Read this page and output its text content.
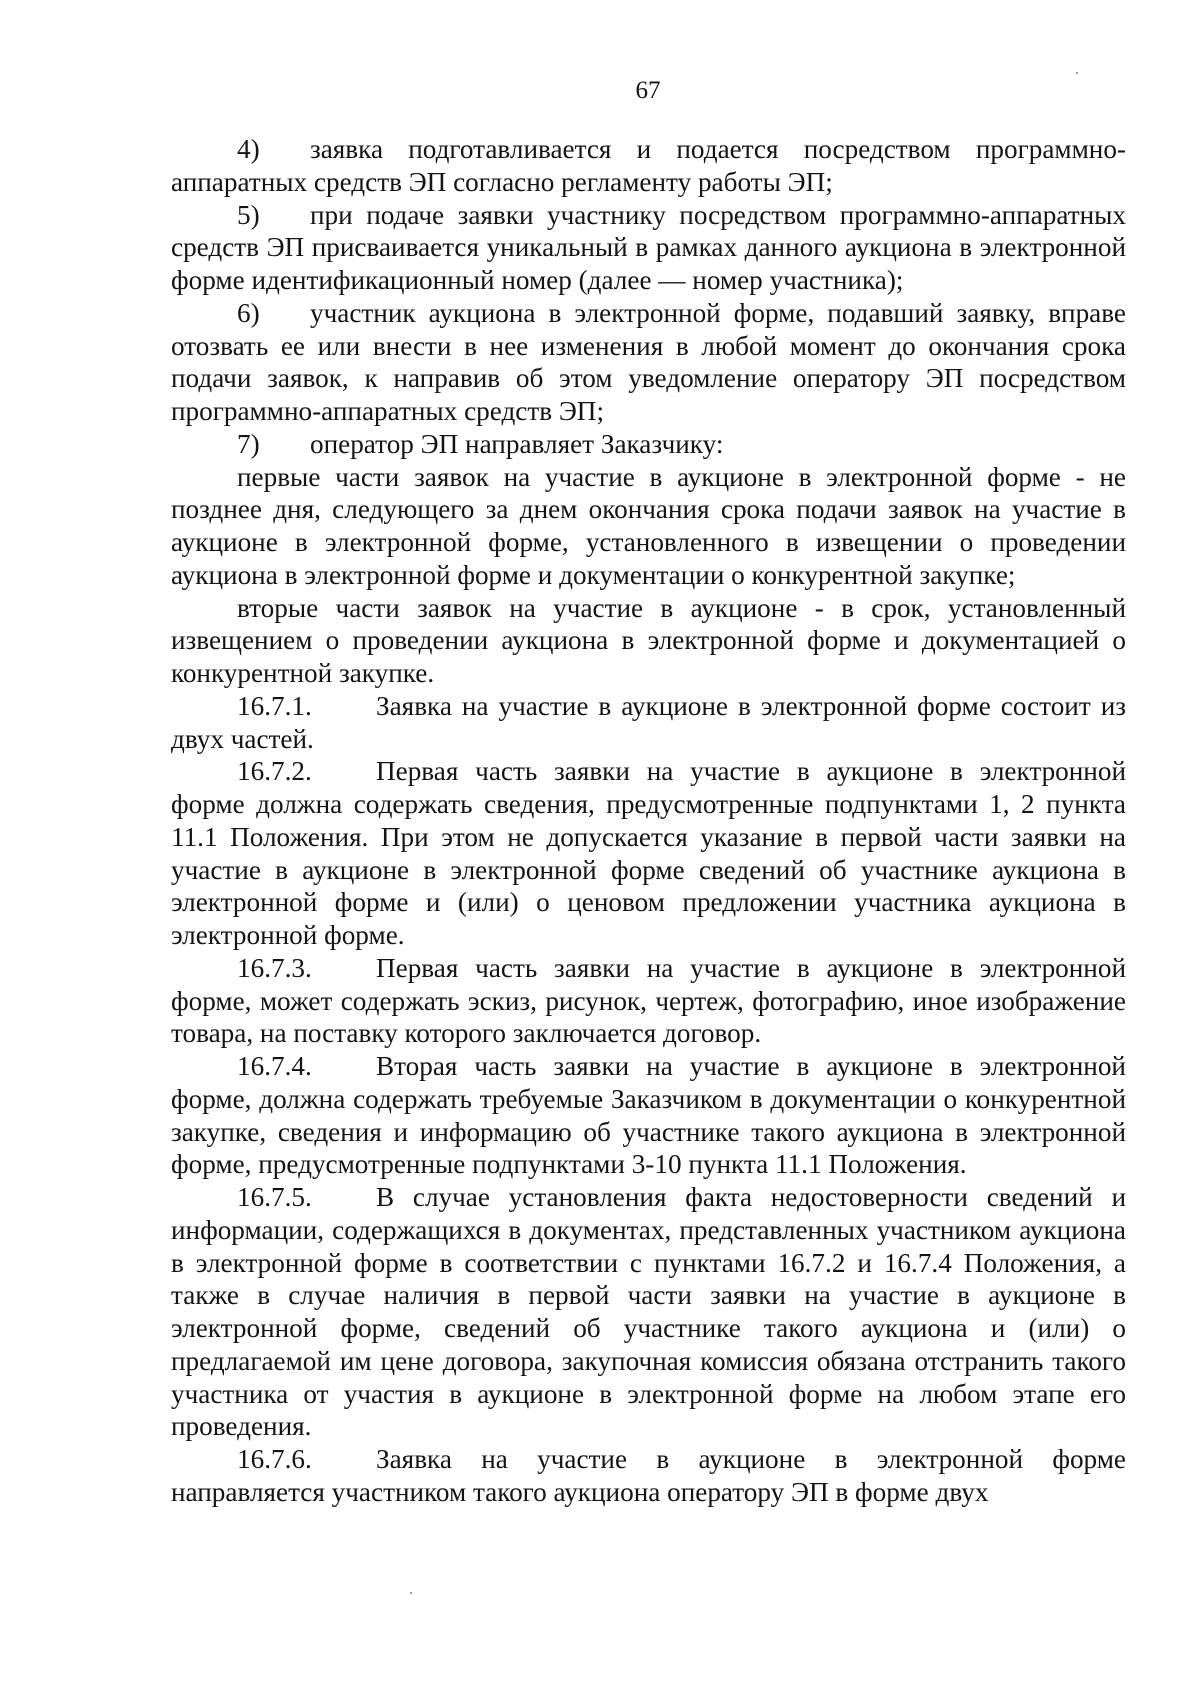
67

4) заявка подготавливается и подается посредством программно-аппаратных средств ЭП согласно регламенту работы ЭП;

5) при подаче заявки участнику посредством программно-аппаратных средств ЭП присваивается уникальный в рамках данного аукциона в электронной форме идентификационный номер (далее — номер участника);

6) участник аукциона в электронной форме, подавший заявку, вправе отозвать ее или внести в нее изменения в любой момент до окончания срока подачи заявок, к направив об этом уведомление оператору ЭП посредством программно-аппаратных средств ЭП;

7) оператор ЭП направляет Заказчику:

первые части заявок на участие в аукционе в электронной форме - не позднее дня, следующего за днем окончания срока подачи заявок на участие в аукционе в электронной форме, установленного в извещении о проведении аукциона в электронной форме и документации о конкурентной закупке;

вторые части заявок на участие в аукционе - в срок, установленный извещением о проведении аукциона в электронной форме и документацией о конкурентной закупке.

16.7.1. Заявка на участие в аукционе в электронной форме состоит из двух частей.

16.7.2. Первая часть заявки на участие в аукционе в электронной форме должна содержать сведения, предусмотренные подпунктами 1, 2 пункта 11.1 Положения. При этом не допускается указание в первой части заявки на участие в аукционе в электронной форме сведений об участнике аукциона в электронной форме и (или) о ценовом предложении участника аукциона в электронной форме.

16.7.3. Первая часть заявки на участие в аукционе в электронной форме, может содержать эскиз, рисунок, чертеж, фотографию, иное изображение товара, на поставку которого заключается договор.

16.7.4. Вторая часть заявки на участие в аукционе в электронной форме, должна содержать требуемые Заказчиком в документации о конкурентной закупке, сведения и информацию об участнике такого аукциона в электронной форме, предусмотренные подпунктами 3-10 пункта 11.1 Положения.

16.7.5. В случае установления факта недостоверности сведений и информации, содержащихся в документах, представленных участником аукциона в электронной форме в соответствии с пунктами 16.7.2 и 16.7.4 Положения, а также в случае наличия в первой части заявки на участие в аукционе в электронной форме, сведений об участнике такого аукциона и (или) о предлагаемой им цене договора, закупочная комиссия обязана отстранить такого участника от участия в аукционе в электронной форме на любом этапе его проведения.

16.7.6. Заявка на участие в аукционе в электронной форме направляется участником такого аукциона оператору ЭП в форме двух
